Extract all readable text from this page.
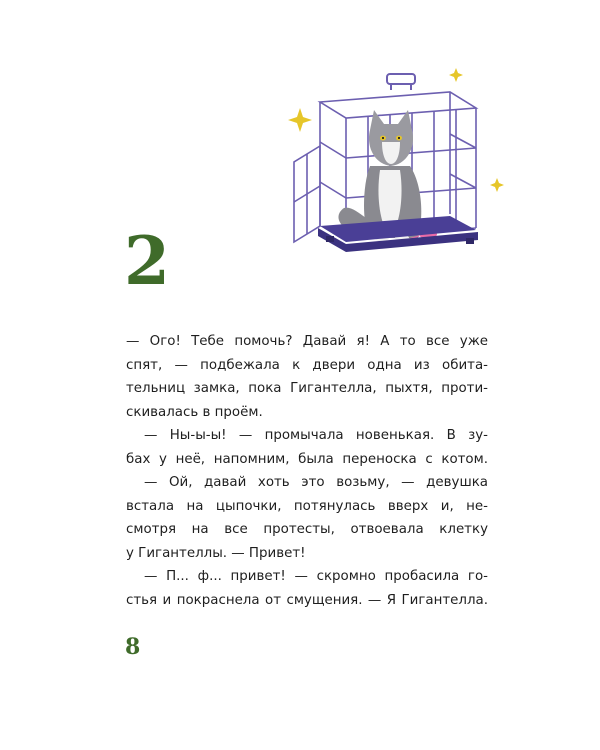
2
— Ого! Тебе помочь? Давай я! А то все уже
спят, — подбежала к двери одна из обита-
тельниц замка, пока Гигантелла, пыхтя, проти-
скивалась в проём.
— Ны-ы-ы! — промычала новенькая. В зу-
бах у неё, напомним, была переноска с котом.
— Ой, давай хоть это возьму, — девушка
встала на цыпочки, потянулась вверх и, не-
смотря на все протесты, отвоевала клетку
у Гигантеллы. — Привет!
— П... ф... привет! — скромно пробасила го-
стья и покраснела от смущения. — Я Гигантелла.
8
